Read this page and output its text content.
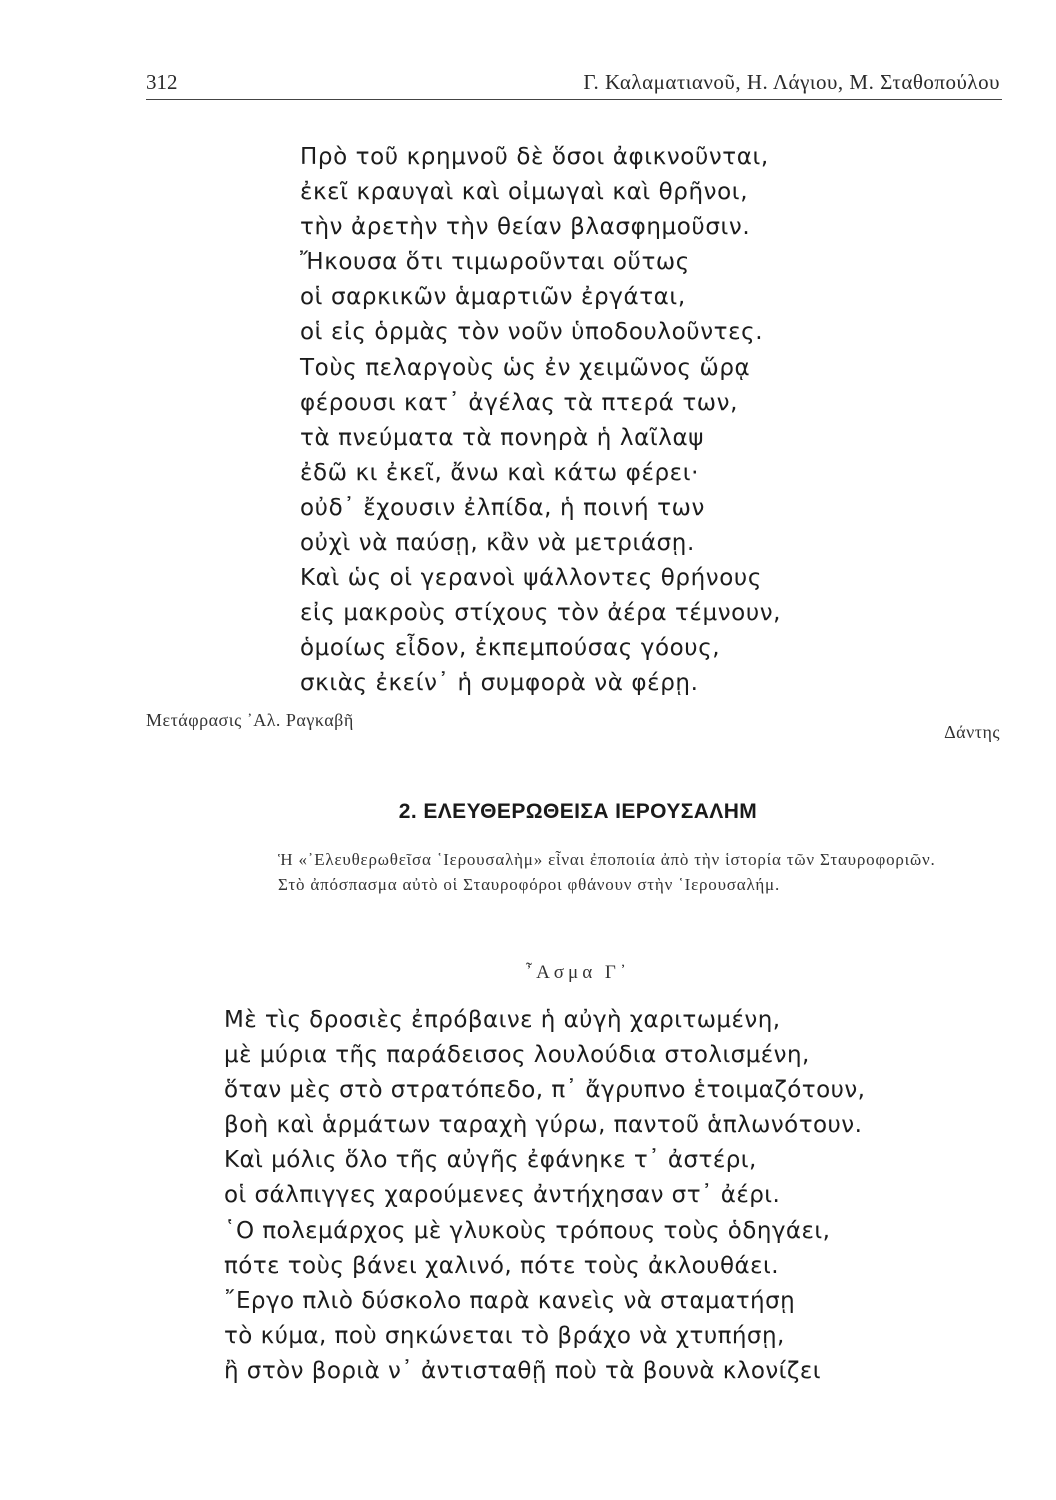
312	Γ. Καλαματιανοῦ, Η. Λάγιου, Μ. Σταθοπούλου
Πρὸ τοῦ κρημνοῦ δὲ ὅσοι ἀφικνοῦνται,
ἐκεῖ κραυγαὶ καὶ οἰμωγαὶ καὶ θρῆνοι,
τὴν ἀρετὴν τὴν θείαν βλασφημοῦσιν.
Ἤκουσα ὅτι τιμωροῦνται οὕτως
οἱ σαρκικῶν ἁμαρτιῶν ἐργάται,
οἱ εἰς ὁρμὰς τὸν νοῦν ὑποδουλοῦντες.
Τοὺς πελαργοὺς ὡς ἐν χειμῶνος ὥρᾳ
φέρουσι κατ᾽ ἀγέλας τὰ πτερά των,
τὰ πνεύματα τὰ πονηρὰ ἡ λαῖλαψ
ἐδῶ κι ἐκεῖ, ἄνω καὶ κάτω φέρει·
οὐδ᾽ ἔχουσιν ἐλπίδα, ἡ ποινή των
οὐχὶ νὰ παύσῃ, κἂν νὰ μετριάσῃ.
Καὶ ὡς οἱ γερανοὶ ψάλλοντες θρήνους
εἰς μακροὺς στίχους τὸν ἀέρα τέμνουν,
ὁμοίως εἶδον, ἐκπεμπούσας γόους,
σκιὰς ἐκείν᾽ ἡ συμφορὰ νὰ φέρῃ.
Μετάφρασις ᾽Αλ. Ραγκαβῆ
Δάντης
2. ΕΛΕΥΘΕΡΩΘΕΙΣΑ ΙΕΡΟΥΣΑΛΗΜ
Ἡ «᾽Ελευθερωθεῖσα ῾Ιερουσαλὴμ» εἶναι ἐποποιία ἀπὸ τὴν ἱστορία τῶν Σταυροφοριῶν.
Στὸ ἀπόσπασμα αὐτὸ οἱ Σταυροφόροι φθάνουν στὴν ῾Ιερουσαλήμ.
῏Ασμα Γ᾽
Μὲ τὶς δροσιὲς ἐπρόβαινε ἡ αὐγὴ χαριτωμένη,
μὲ μύρια τῆς παράδεισος λουλούδια στολισμένη,
ὅταν μὲς στὸ στρατόπεδο, π᾽ ἄγρυπνο ἑτοιμαζότουν,
βοὴ καὶ ἁρμάτων ταραχὴ γύρω, παντοῦ ἁπλωνότουν.
Καὶ μόλις ὅλο τῆς αὐγῆς ἐφάνηκε τ᾽ ἀστέρι,
οἱ σάλπιγγες χαρούμενες ἀντήχησαν στ᾽ ἀέρι.
῾Ο πολεμάρχος μὲ γλυκοὺς τρόπους τοὺς ὁδηγάει,
πότε τοὺς βάνει χαλινό, πότε τοὺς ἀκλουθάει.
῎Εργο πλιὸ δύσκολο παρὰ κανεὶς νὰ σταματήσῃ
τὸ κύμα, ποὺ σηκώνεται τὸ βράχο νὰ χτυπήσῃ,
ἢ στὸν βοριὰ ν᾽ ἀντισταθῇ ποὺ τὰ βουνὰ κλονίζει
